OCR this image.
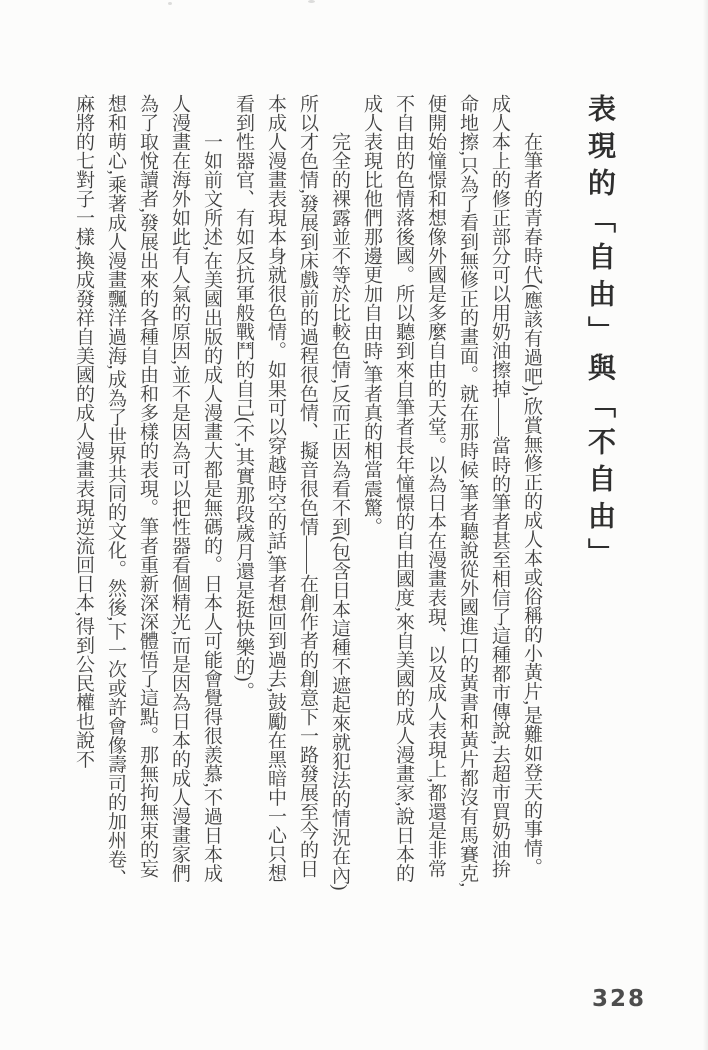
表現的「自由」與「不自由」

在筆者的青春時代(應該有過吧),欣賞無修正的成人本或俗稱的小黃片,是難如登天的事情。成人本上的修正部分可以用奶油擦掉——當時的筆者甚至相信了這種都市傳說,去超市買奶油拚命地擦,只為了看到無修正的畫面。就在那時候,筆者聽說從外國進口的黃書和黃片都沒有馬賽克,便開始憧憬和想像外國是多麼自由的天堂。以為日本在漫畫表現、以及成人表現上,都還是非常不自由的色情落後國。所以聽到來自筆者長年憧憬的自由國度,來自美國的成人漫畫家,說日本的成人表現比他們那邊更加自由時,筆者真的相當震驚。

完全的裸露並不等於比較色情,反而正因為看不到(包含日本這種不遮起來就犯法的情況在內)所以才色情,發展到床戲前的過程很色情、擬音很色情——在創作者的創意下一路發展至今的日本成人漫畫表現本身就很色情。如果可以穿越時空的話,筆者想回到過去,鼓勵在黑暗中一心只想看到性器官、有如反抗軍般戰鬥的自己(不,其實那段歲月還是挺快樂的)。

一如前文所述,在美國出版的成人漫畫大都是無碼的。日本人可能會覺得很羨慕,不過日本成人漫畫在海外如此有人氣的原因,並不是因為可以把性器看個精光,而是因為日本的成人漫畫家們為了取悅讀者,發展出來的各種自由和多樣的表現。筆者重新深深體悟了這點。那無拘無束的妄想和萌心,乘著成人漫畫飄洋過海,成為了世界共同的文化。然後,下一次或許會像壽司的加州卷、麻將的七對子一樣,換成發祥自美國的成人漫畫表現逆流回日本,得到公民權也說不

328
